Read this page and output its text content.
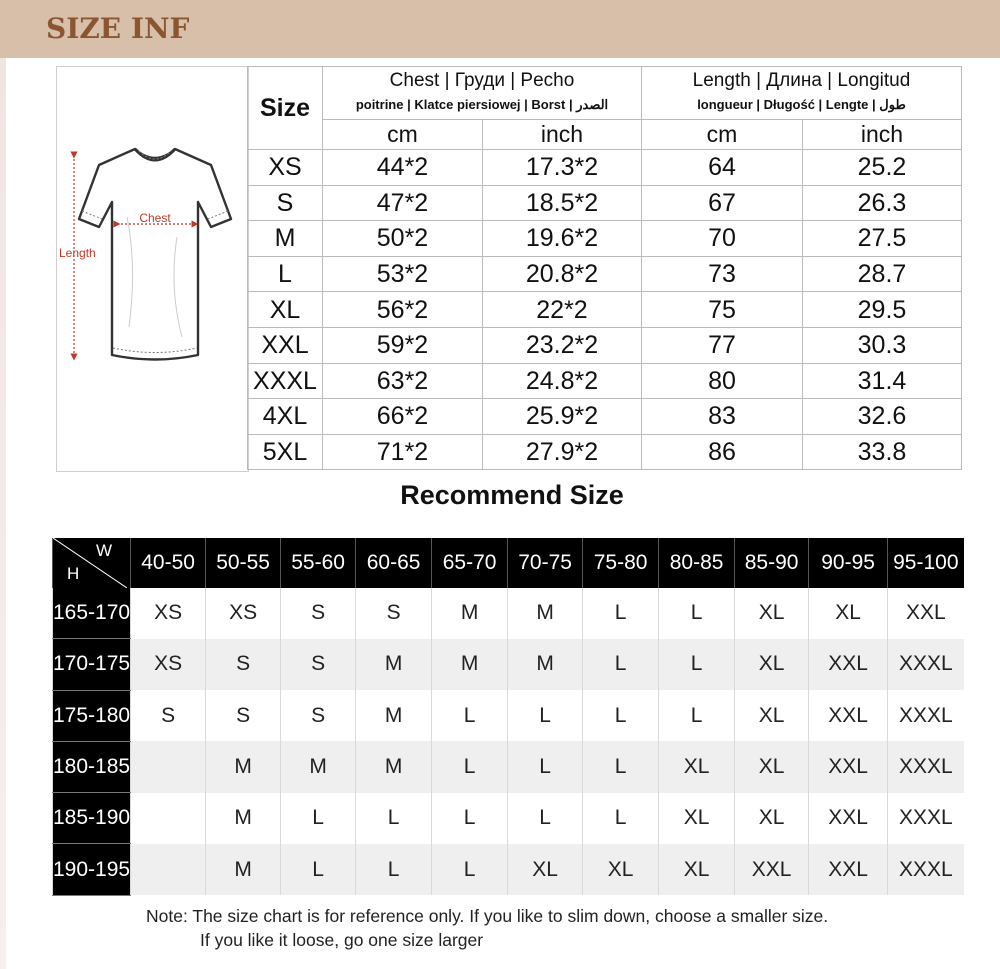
SIZE INF
Chest
Length
Size	Chest | Груди | Pecho
poitrine | Klatce piersiowej | Borst | الصدر		Length | Длина | Longitud
longueur | Długość | Lengte | طول	

	cm	inch	cm	inch
XS	44*2	17.3*2	64	25.2
S	47*2	18.5*2	67	26.3
M	50*2	19.6*2	70	27.5
L	53*2	20.8*2	73	28.7
XL	56*2	22*2	75	29.5
XXL	59*2	23.2*2	77	30.3
XXXL	63*2	24.8*2	80	31.4
4XL	66*2	25.9*2	83	32.6
5XL	71*2	27.9*2	86	33.8
Recommend Size
W
H	40-50	50-55	55-60	60-65	65-70	70-75	75-80	80-85	85-90	90-95	95-100
165-170	XS	XS	S	S	M	M	L	L	XL	XL	XXL
170-175	XS	S	S	M	M	M	L	L	XL	XXL	XXXL
175-180	S	S	S	M	L	L	L	L	XL	XXL	XXXL
180-185		M	M	M	L	L	L	XL	XL	XXL	XXXL
185-190		M	L	L	L	L	L	XL	XL	XXL	XXXL
190-195		M	L	L	L	XL	XL	XL	XXL	XXL	XXXL
Note: The size chart is for reference only. If you like to slim down, choose a smaller size.
If you like it loose, go one size larger
